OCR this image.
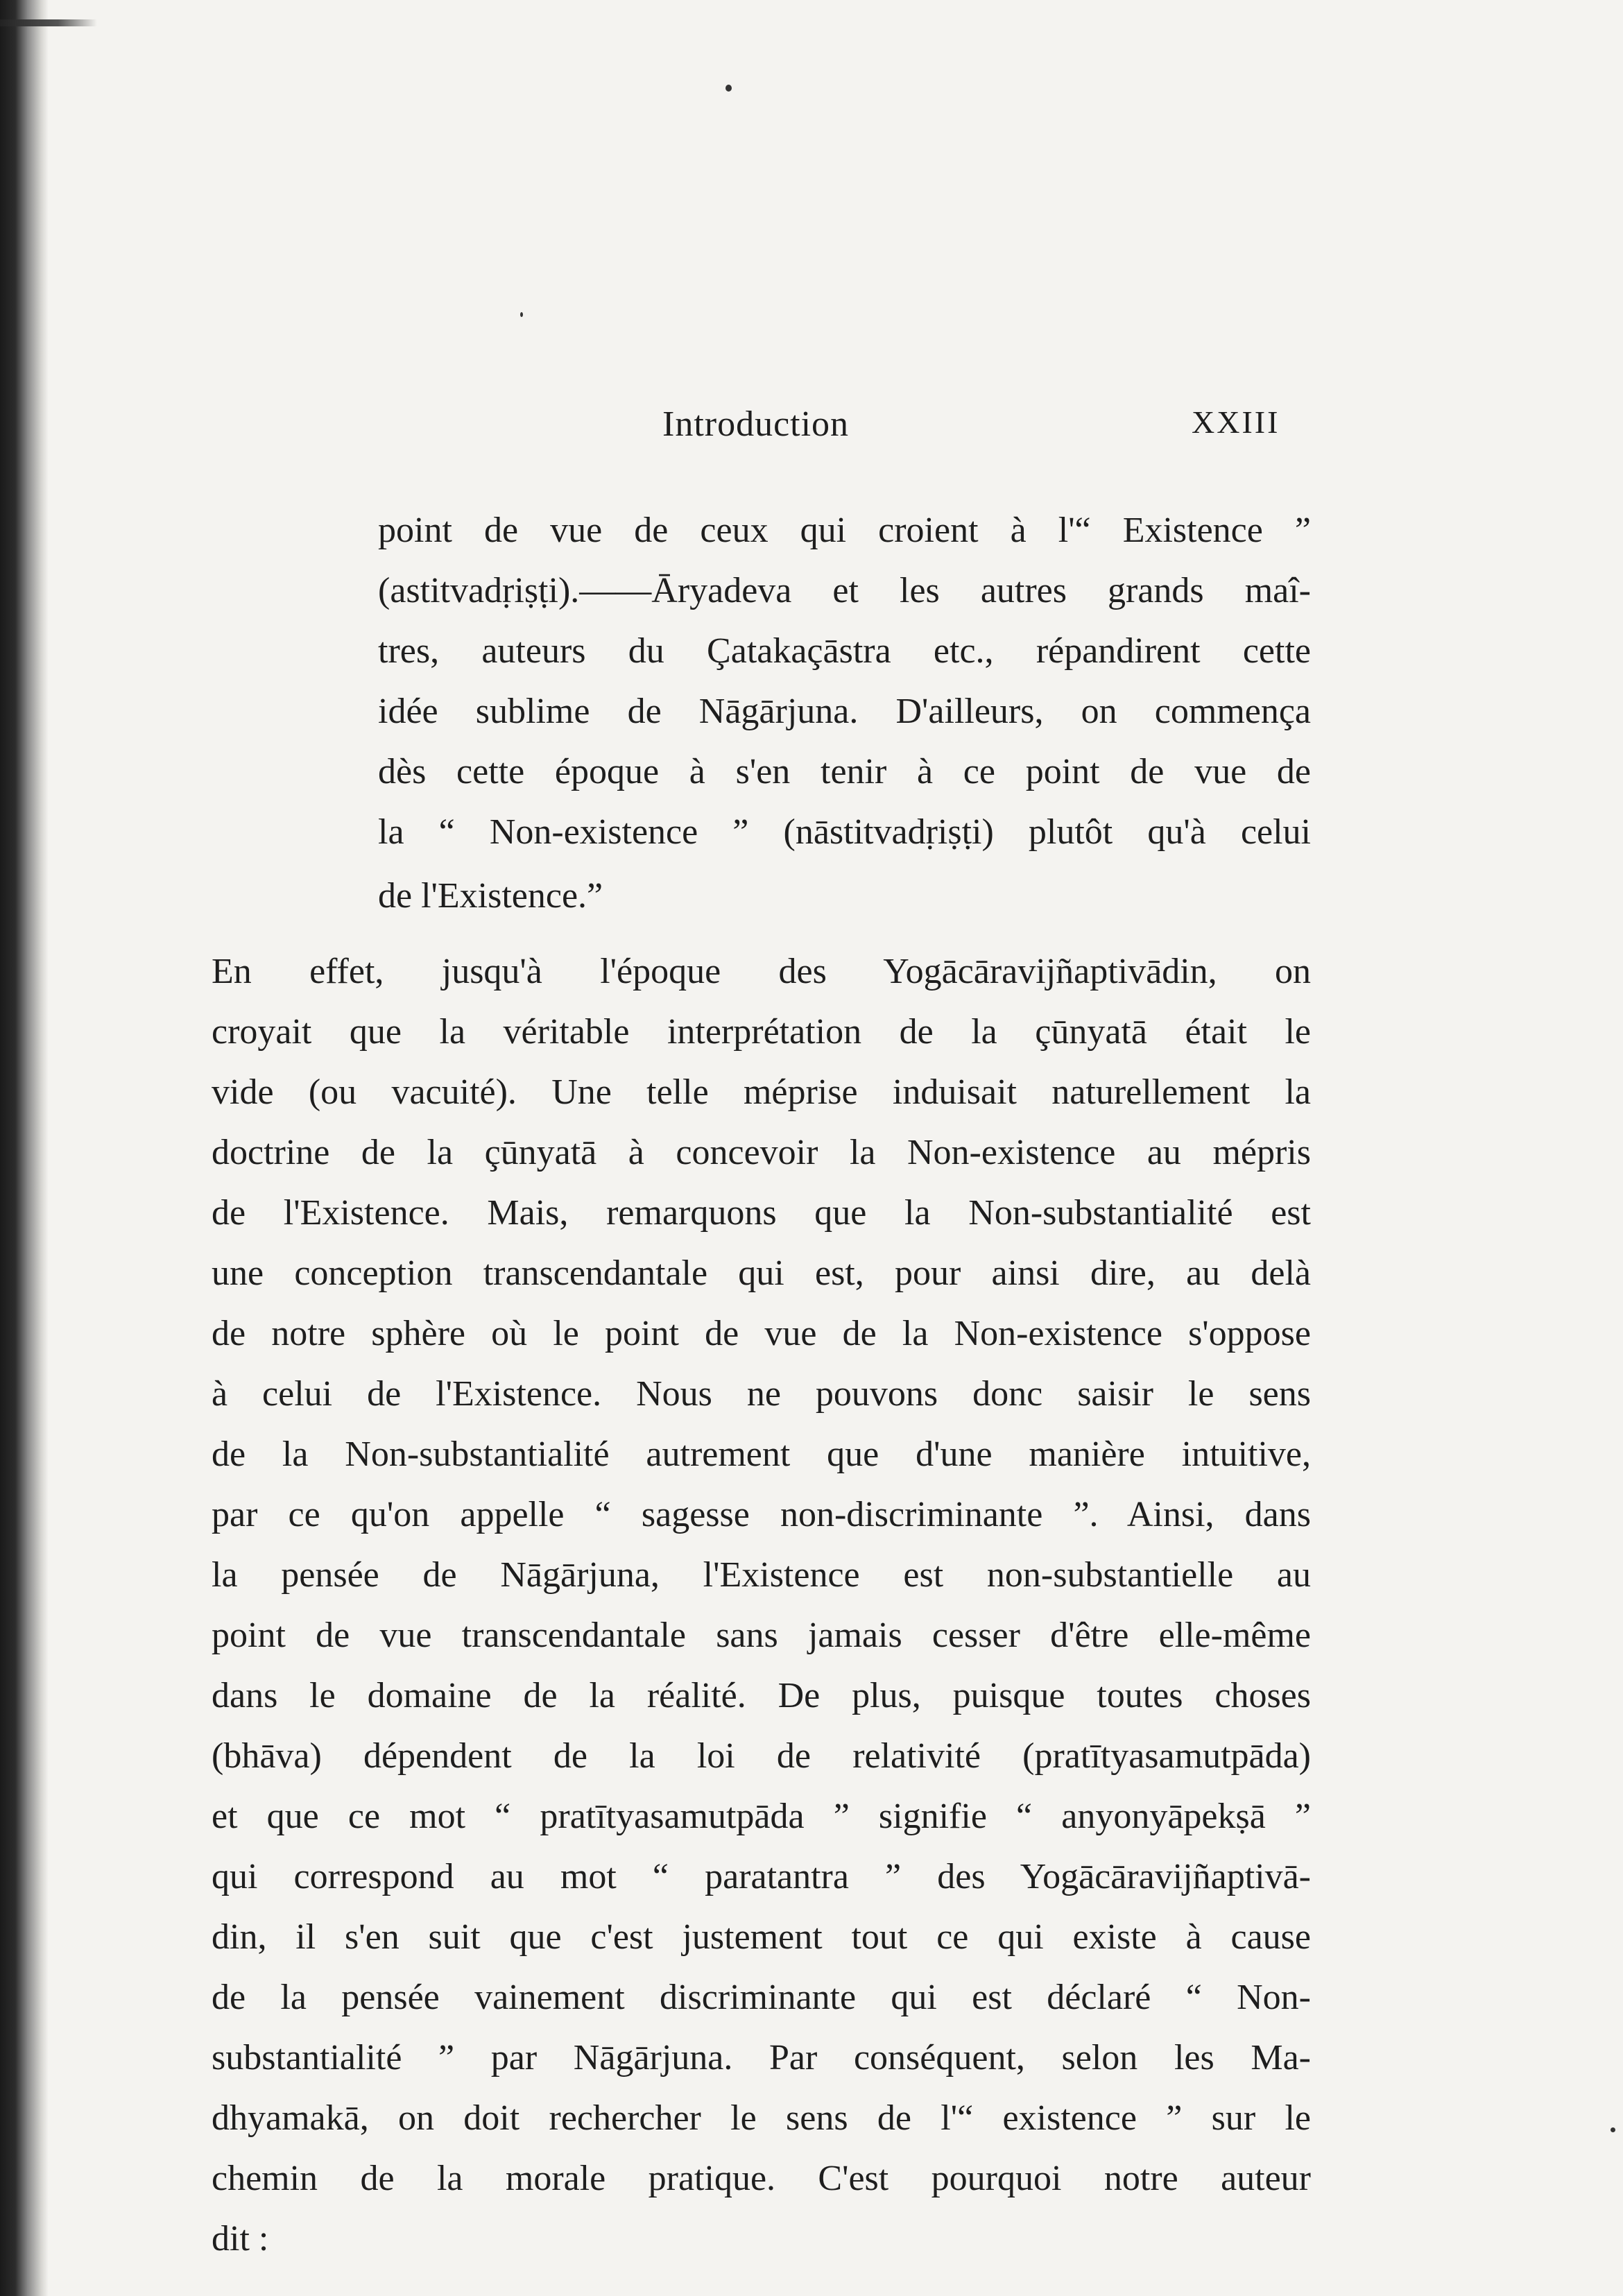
Introduction	XXIII
point de vue de ceux qui croient à l'“ Existence ”
(astitvadṛiṣṭi).——Āryadeva et les autres grands maî-
tres, auteurs du Çatakaçāstra etc., répandirent cette
idée sublime de Nāgārjuna. D'ailleurs, on commença
dès cette époque à s'en tenir à ce point de vue de
la “ Non-existence ” (nāstitvadṛiṣṭi) plutôt qu'à celui
de l'Existence.”
En effet, jusqu'à l'époque des Yogācāravijñaptivādin, on
croyait que la véritable interprétation de la çūnyatā était le
vide (ou vacuité). Une telle méprise induisait naturellement la
doctrine de la çūnyatā à concevoir la Non-existence au mépris
de l'Existence. Mais, remarquons que la Non-substantialité est
une conception transcendantale qui est, pour ainsi dire, au delà
de notre sphère où le point de vue de la Non-existence s'oppose
à celui de l'Existence. Nous ne pouvons donc saisir le sens
de la Non-substantialité autrement que d'une manière intuitive,
par ce qu'on appelle “ sagesse non-discriminante ”. Ainsi, dans
la pensée de Nāgārjuna, l'Existence est non-substantielle au
point de vue transcendantale sans jamais cesser d'être elle-même
dans le domaine de la réalité. De plus, puisque toutes choses
(bhāva) dépendent de la loi de relativité (pratītyasamutpāda)
et que ce mot “ pratītyasamutpāda ” signifie “ anyonyāpekṣā ”
qui correspond au mot “ paratantra ” des Yogācāravijñaptivā-
din, il s'en suit que c'est justement tout ce qui existe à cause
de la pensée vainement discriminante qui est déclaré “ Non-
substantialité ” par Nāgārjuna. Par conséquent, selon les Ma-
dhyamakā, on doit rechercher le sens de l'“ existence ” sur le
chemin de la morale pratique. C'est pourquoi notre auteur
dit :
